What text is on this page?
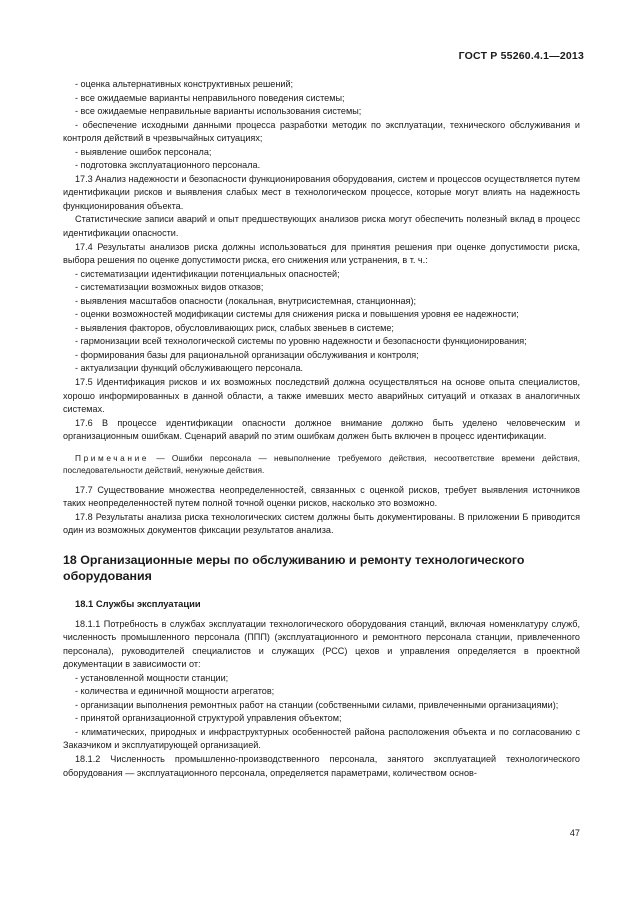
ГОСТ Р 55260.4.1—2013

- оценка альтернативных конструктивных решений;

- все ожидаемые варианты неправильного поведения системы;

- все ожидаемые неправильные варианты использования системы;

- обеспечение исходными данными процесса разработки методик по эксплуатации, технического обслуживания и контроля действий в чрезвычайных ситуациях;

- выявление ошибок персонала;

- подготовка эксплуатационного персонала.

17.3 Анализ надежности и безопасности функционирования оборудования, систем и процессов осуществляется путем идентификации рисков и выявления слабых мест в технологическом процессе, которые могут влиять на надежность функционирования объекта.

Статистические записи аварий и опыт предшествующих анализов риска могут обеспечить полезный вклад в процесс идентификации опасности.

17.4 Результаты анализов риска должны использоваться для принятия решения при оценке допустимости риска, выбора решения по оценке допустимости риска, его снижения или устранения, в т. ч.:

- систематизации идентификации потенциальных опасностей;

- систематизации возможных видов отказов;

- выявления масштабов опасности (локальная, внутрисистемная, станционная);

- оценки возможностей модификации системы для снижения риска и повышения уровня ее надежности;

- выявления факторов, обусловливающих риск, слабых звеньев в системе;

- гармонизации всей технологической системы по уровню надежности и безопасности функционирования;

- формирования базы для рациональной организации обслуживания и контроля;

- актуализации функций обслуживающего персонала.

17.5 Идентификация рисков и их возможных последствий должна осуществляться на основе опыта специалистов, хорошо информированных в данной области, а также имевших место аварийных ситуаций и отказах в аналогичных системах.

17.6 В процессе идентификации опасности должное внимание должно быть уделено человеческим и организационным ошибкам. Сценарий аварий по этим ошибкам должен быть включен в процесс идентификации.

Примечание — Ошибки персонала — невыполнение требуемого действия, несоответствие времени действия, последовательности действий, ненужные действия.

17.7 Существование множества неопределенностей, связанных с оценкой рисков, требует выявления источников таких неопределенностей путем полной точной оценки рисков, насколько это возможно.

17.8 Результаты анализа риска технологических систем должны быть документированы. В приложении Б приводится один из возможных документов фиксации результатов анализа.

18 Организационные меры по обслуживанию и ремонту технологического оборудования
18.1 Службы эксплуатации

18.1.1 Потребность в службах эксплуатации технологического оборудования станций, включая номенклатуру служб, численность промышленного персонала (ППП) (эксплуатационного и ремонтного персонала станции, привлеченного персонала), руководителей специалистов и служащих (РСС) цехов и управления определяется в проектной документации в зависимости от:

- установленной мощности станции;

- количества и единичной мощности агрегатов;

- организации выполнения ремонтных работ на станции (собственными силами, привлеченными организациями);

- принятой организационной структурой управления объектом;

- климатических, природных и инфраструктурных особенностей района расположения объекта и по согласованию с Заказчиком и эксплуатирующей организацией.

18.1.2 Численность промышленно-производственного персонала, занятого эксплуатацией технологического оборудования — эксплуатационного персонала, определяется параметрами, количеством основ-

47
